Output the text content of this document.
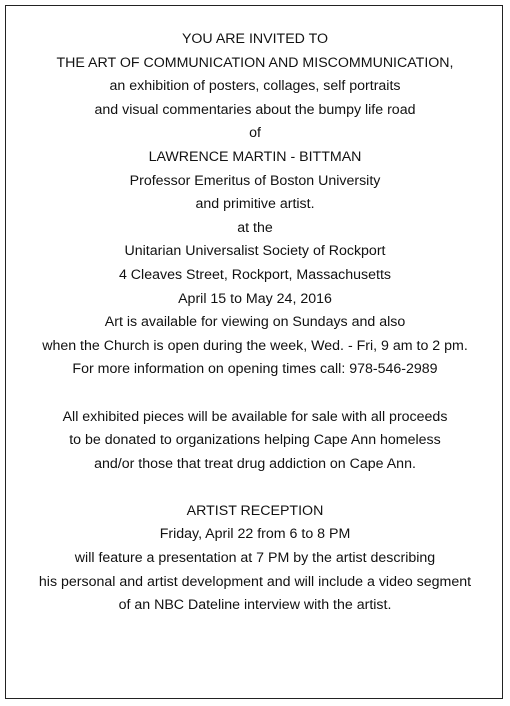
YOU ARE INVITED TO
THE ART OF COMMUNICATION AND MISCOMMUNICATION,
an exhibition of posters, collages, self portraits
and visual commentaries about the bumpy life road
of
LAWRENCE MARTIN - BITTMAN
Professor Emeritus of Boston University
and primitive artist.
at the
Unitarian Universalist Society of Rockport
4 Cleaves Street, Rockport, Massachusetts
April 15 to May 24, 2016
Art is available for viewing on Sundays and also
when the Church is open during the week, Wed. - Fri, 9 am to 2 pm.
For more information on opening times call: 978-546-2989
All exhibited pieces will be available for sale with all proceeds
to be donated to organizations helping Cape Ann homeless
and/or those that treat drug addiction on Cape Ann.
ARTIST RECEPTION
Friday, April 22 from 6 to 8 PM
will feature a presentation at 7 PM by the artist describing
his personal and artist development and will include a video segment
of an NBC Dateline interview with the artist.
